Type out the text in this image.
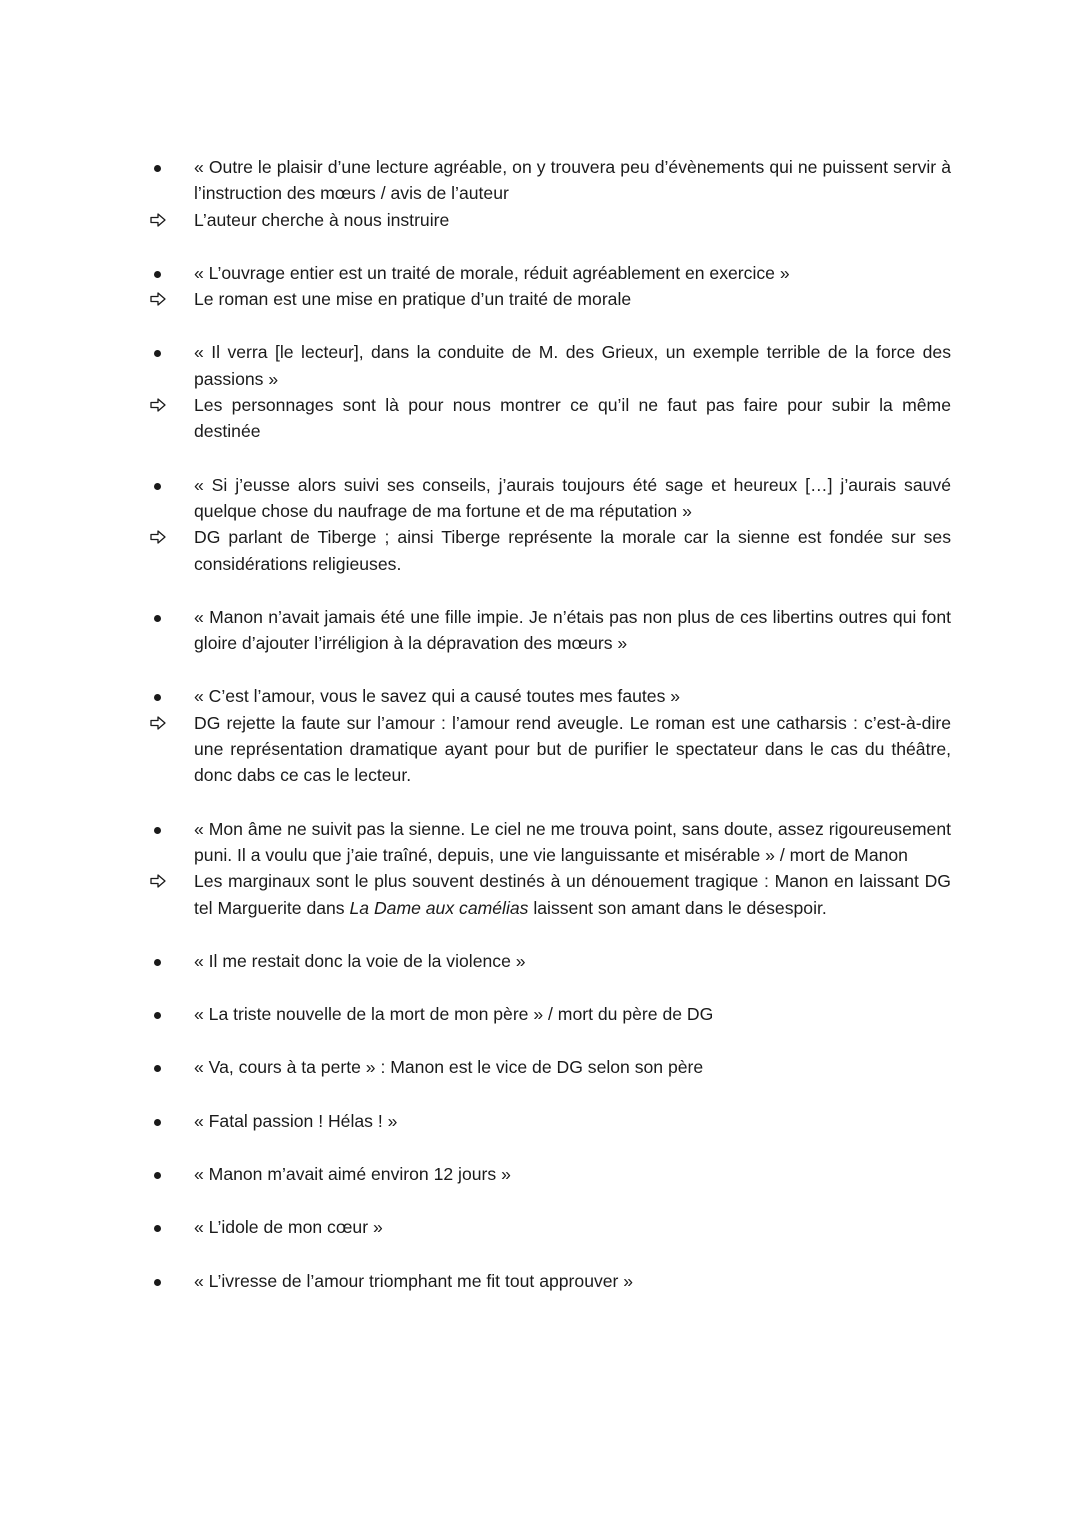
« Outre le plaisir d’une lecture agréable, on y trouvera peu d’évènements qui ne puissent servir à l’instruction des mœurs / avis de l’auteur
L’auteur cherche à nous instruire
« L’ouvrage entier est un traité de morale, réduit agréablement en exercice »
Le roman est une mise en pratique d’un traité de morale
« Il verra [le lecteur], dans la conduite de M. des Grieux, un exemple terrible de la force des passions »
Les personnages sont là pour nous montrer ce qu’il ne faut pas faire pour subir la même destinée
« Si j’eusse alors suivi ses conseils, j’aurais toujours été sage et heureux […] j’aurais sauvé quelque chose du naufrage de ma fortune et de ma réputation »
DG parlant de Tiberge ; ainsi Tiberge représente la morale car la sienne est fondée sur ses considérations religieuses.
« Manon n’avait jamais été une fille impie. Je n’étais pas non plus de ces libertins outres qui font gloire d’ajouter l’irréligion à la dépravation des mœurs »
« C’est l’amour, vous le savez qui a causé toutes mes fautes »
DG rejette la faute sur l’amour : l’amour rend aveugle. Le roman est une catharsis : c’est-à-dire une représentation dramatique ayant pour but de purifier le spectateur dans le cas du théâtre, donc dabs ce cas le lecteur.
« Mon âme ne suivit pas la sienne. Le ciel ne me trouva point, sans doute, assez rigoureusement puni. Il a voulu que j’aie traîné, depuis, une vie languissante et misérable » / mort de Manon
Les marginaux sont le plus souvent destinés à un dénouement tragique : Manon en laissant DG tel Marguerite dans La Dame aux camélias laissent son amant dans le désespoir.
« Il me restait donc la voie de la violence »
« La triste nouvelle de la mort de mon père » / mort du père de DG
« Va, cours à ta perte » : Manon est le vice de DG selon son père
« Fatal passion ! Hélas ! »
« Manon m’avait aimé environ 12 jours »
« L’idole de mon cœur »
« L’ivresse de l’amour triomphant me fit tout approuver »
